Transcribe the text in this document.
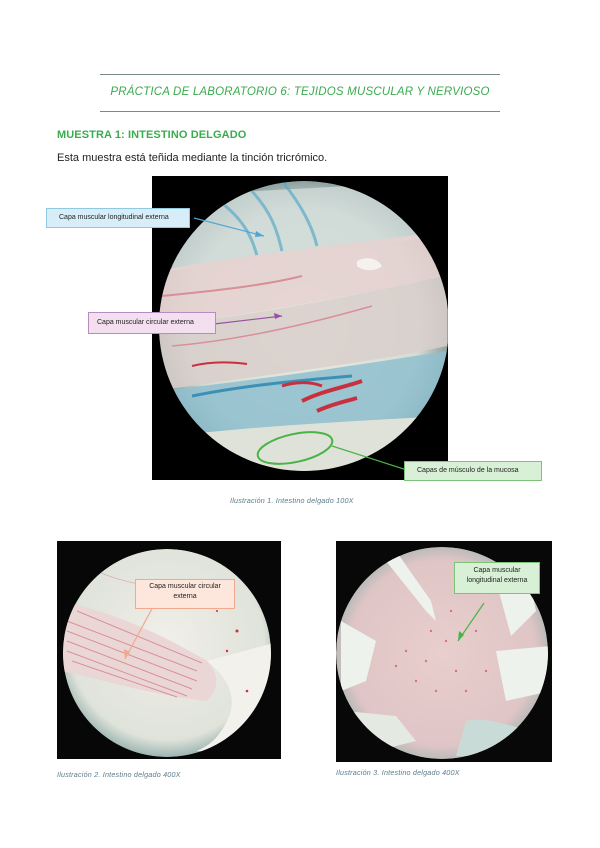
PRÁCTICA DE LABORATORIO 6: TEJIDOS MUSCULAR Y NERVIOSO
MUESTRA 1: INTESTINO DELGADO
Esta muestra está teñida mediante la tinción tricrómico.
Capa muscular longitudinal externa
Capa muscular circular externa
Capas de músculo de la mucosa
Ilustración 1. Intestino delgado 100X
Capa muscular circular
externa
Ilustración 2. Intestino delgado 400X
Capa muscular
longitudinal externa
Ilustración 3. Intestino delgado 400X
